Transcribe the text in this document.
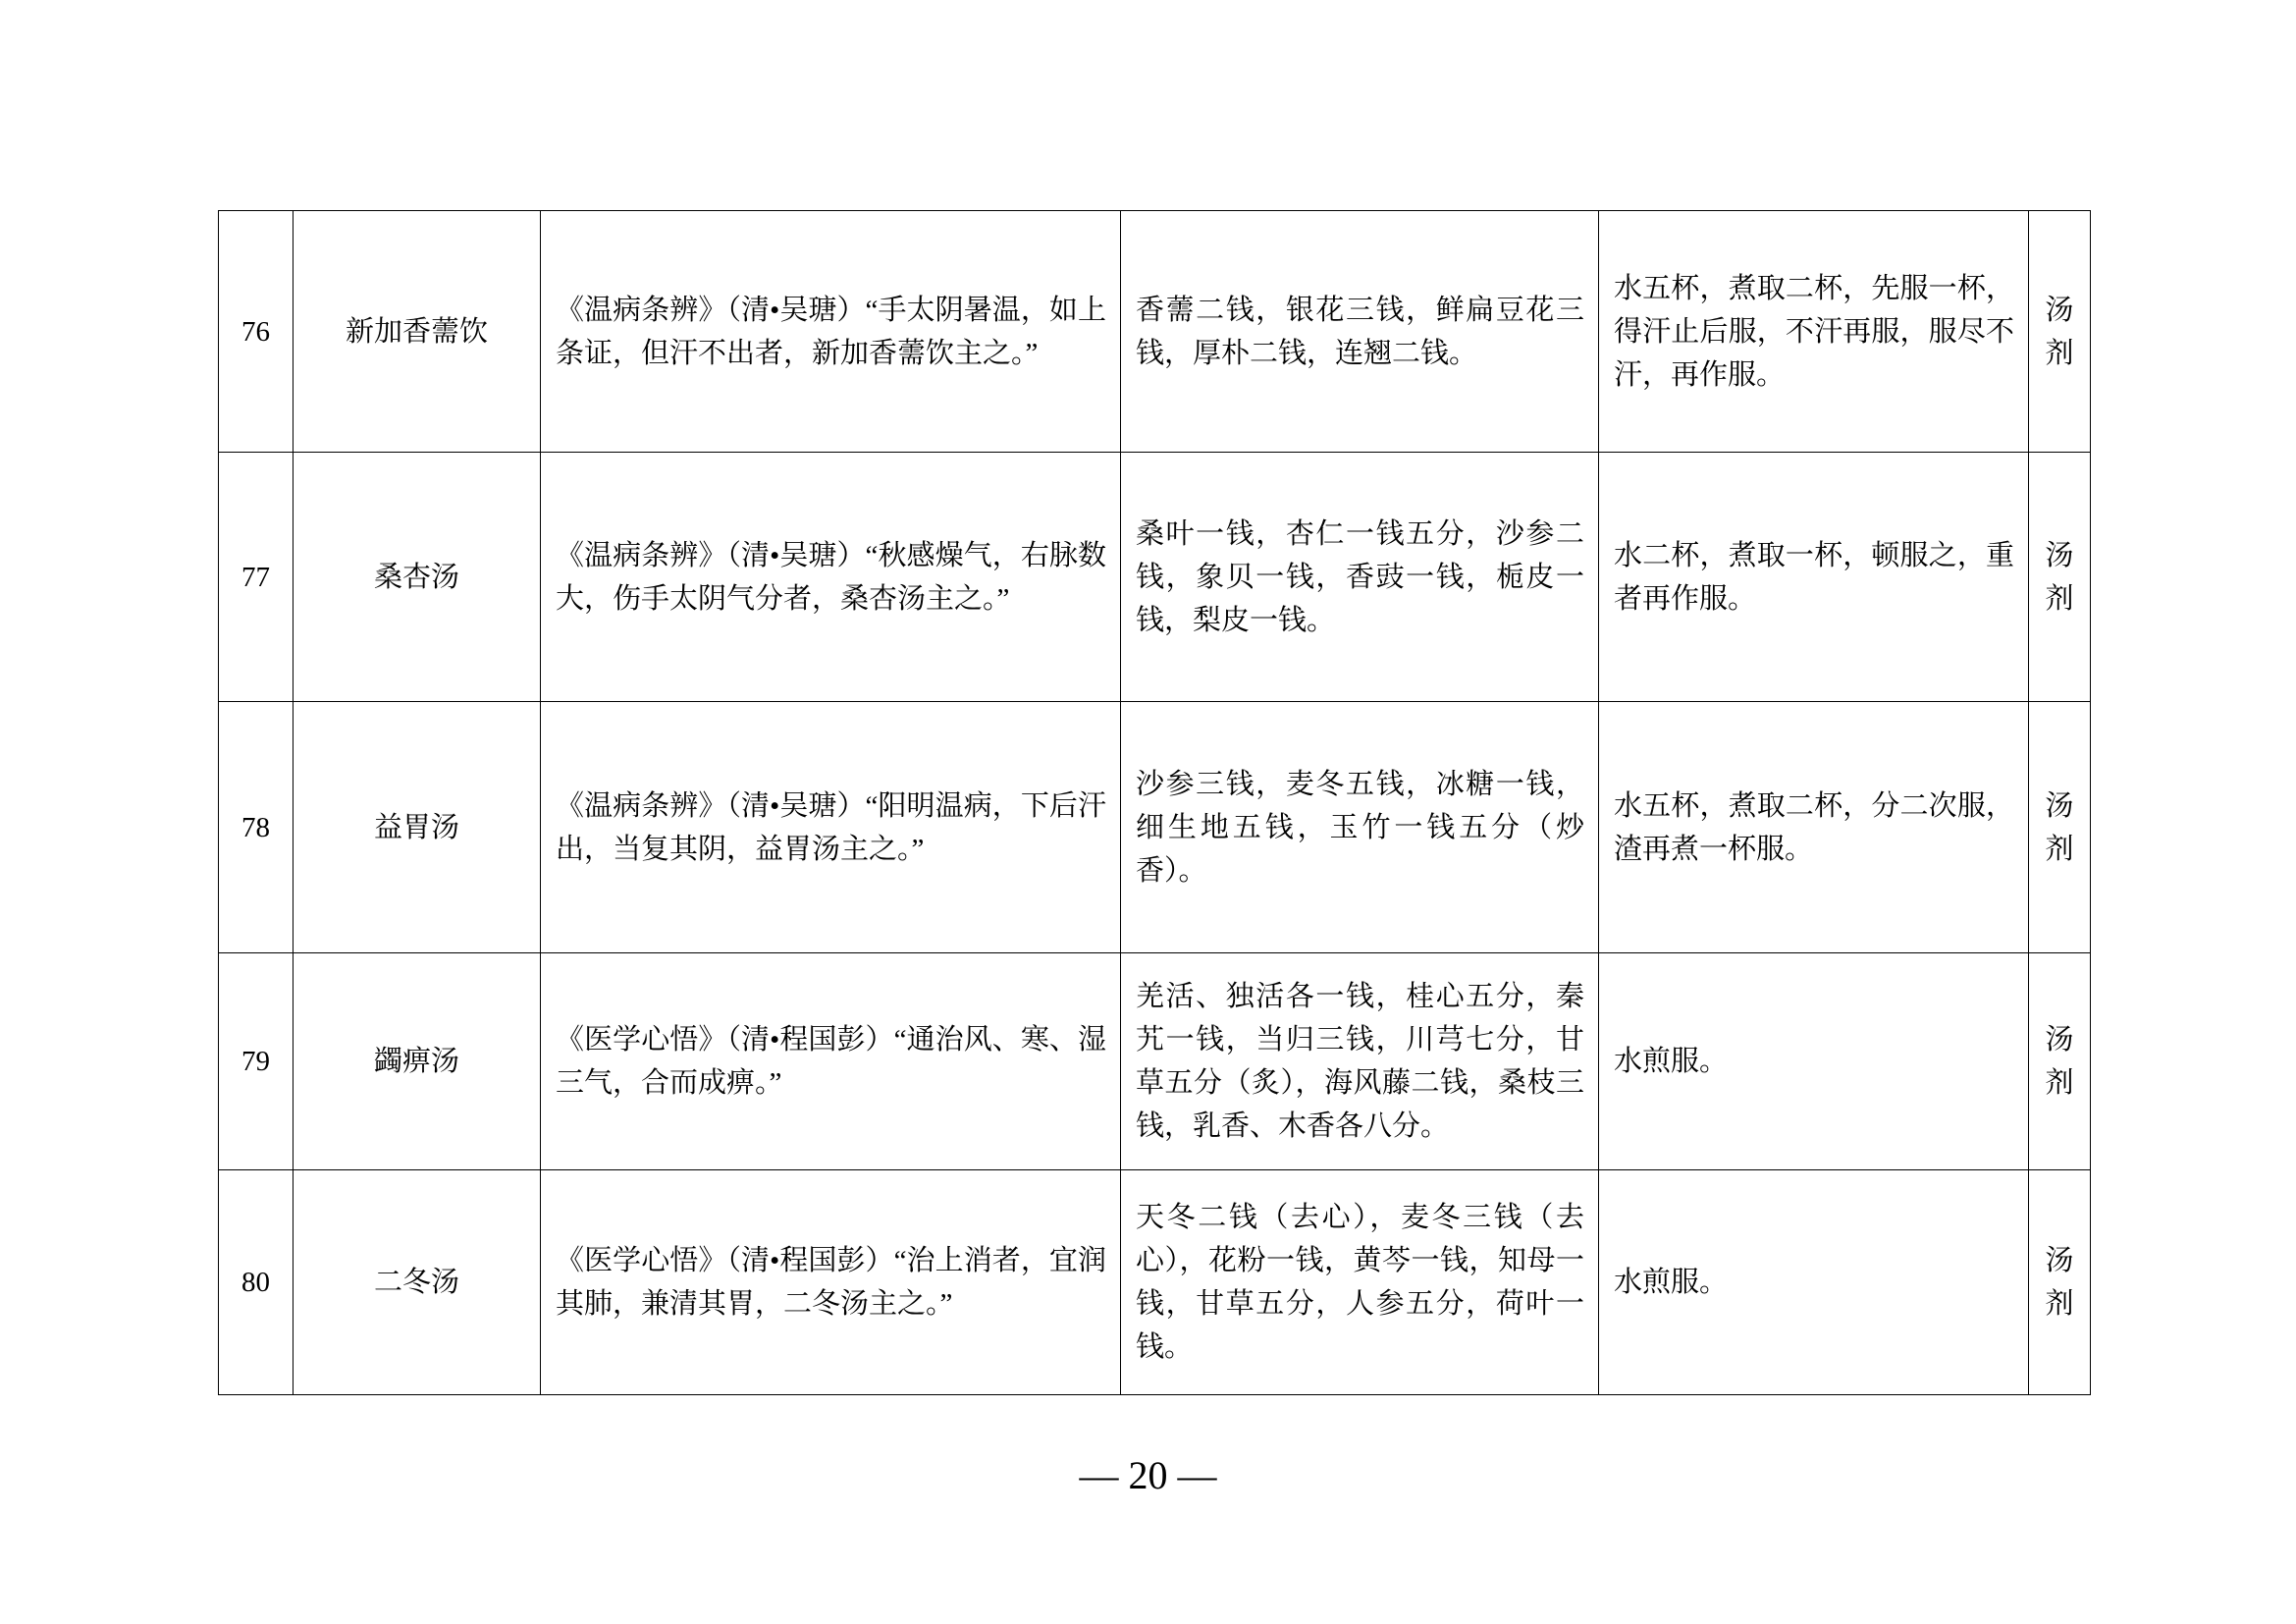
76	新加香薷饮	《温病条辨》（清•吴瑭）“手太阴暑温，如上条证，但汗不出者，新加香薷饮主之。”	香薷二钱，银花三钱，鲜扁豆花三钱，厚朴二钱，连翘二钱。	水五杯，煮取二杯，先服一杯，得汗止后服，不汗再服，服尽不汗，再作服。	汤剂
77	桑杏汤	《温病条辨》（清•吴瑭）“秋感燥气，右脉数大，伤手太阴气分者，桑杏汤主之。”	桑叶一钱，杏仁一钱五分，沙参二钱，象贝一钱，香豉一钱，栀皮一钱，梨皮一钱。	水二杯，煮取一杯，顿服之，重者再作服。	汤剂
78	益胃汤	《温病条辨》（清•吴瑭）“阳明温病，下后汗出，当复其阴，益胃汤主之。”	沙参三钱，麦冬五钱，冰糖一钱，细生地五钱，玉竹一钱五分（炒香）。	水五杯，煮取二杯，分二次服，渣再煮一杯服。	汤剂
79	蠲痹汤	《医学心悟》（清•程国彭）“通治风、寒、湿三气，合而成痹。”	羌活、独活各一钱，桂心五分，秦艽一钱，当归三钱，川芎七分，甘草五分（炙），海风藤二钱，桑枝三钱，乳香、木香各八分。	水煎服。	汤剂
80	二冬汤	《医学心悟》（清•程国彭）“治上消者，宜润其肺，兼清其胃，二冬汤主之。”	天冬二钱（去心），麦冬三钱（去心），花粉一钱，黄芩一钱，知母一钱，甘草五分，人参五分，荷叶一钱。	水煎服。	汤剂
— 20 —
